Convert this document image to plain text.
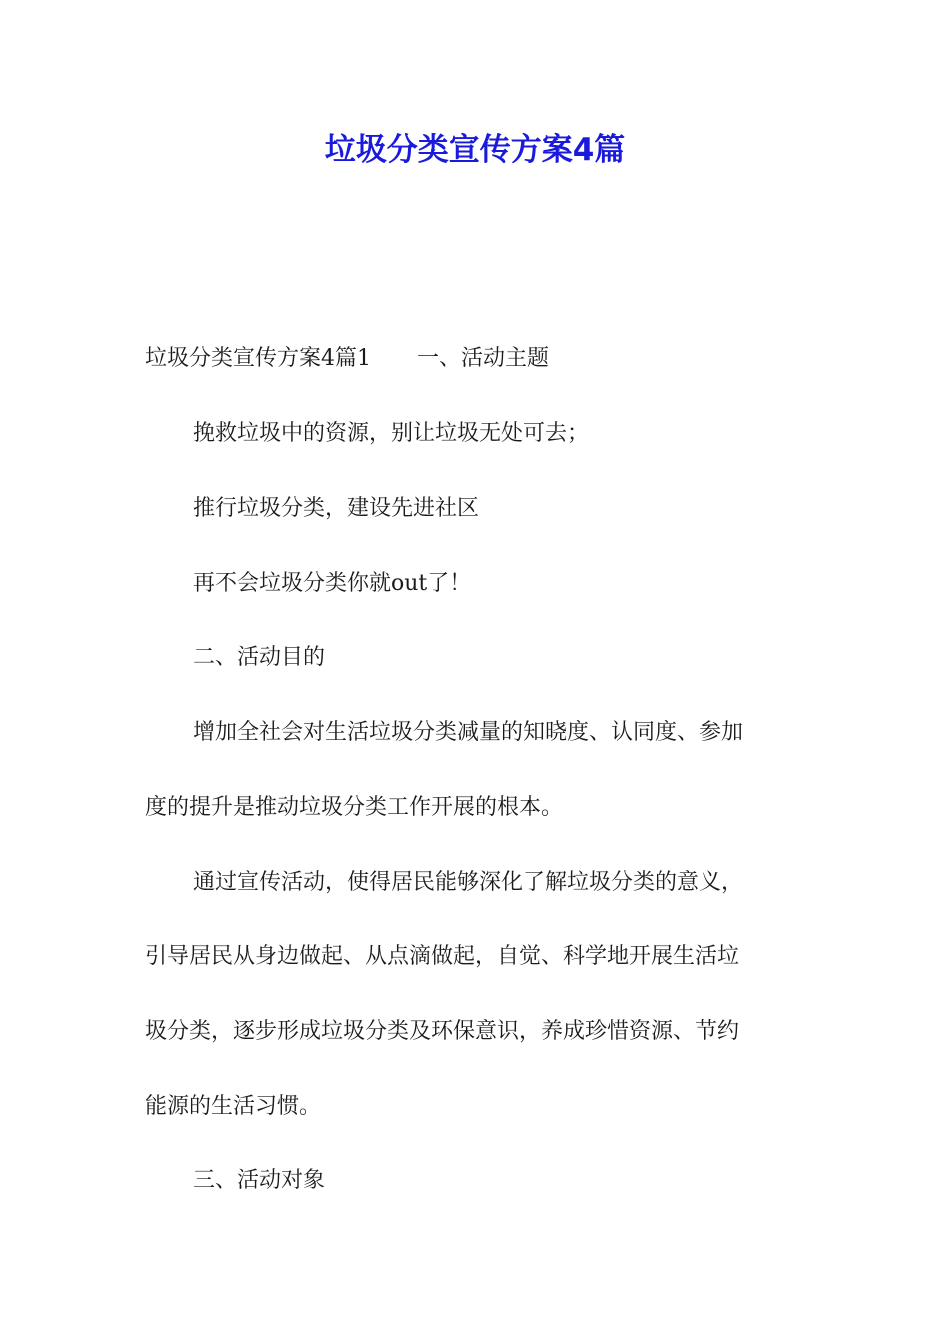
垃圾分类宣传方案4篇

垃圾分类宣传方案4篇1 一、活动主题

挽救垃圾中的资源，别让垃圾无处可去；

推行垃圾分类，建设先进社区

再不会垃圾分类你就out了！

二、活动目的

增加全社会对生活垃圾分类减量的知晓度、认同度、参加

度的提升是推动垃圾分类工作开展的根本。

通过宣传活动，使得居民能够深化了解垃圾分类的意义，

引导居民从身边做起、从点滴做起，自觉、科学地开展生活垃

圾分类，逐步形成垃圾分类及环保意识，养成珍惜资源、节约

能源的生活习惯。

三、活动对象
